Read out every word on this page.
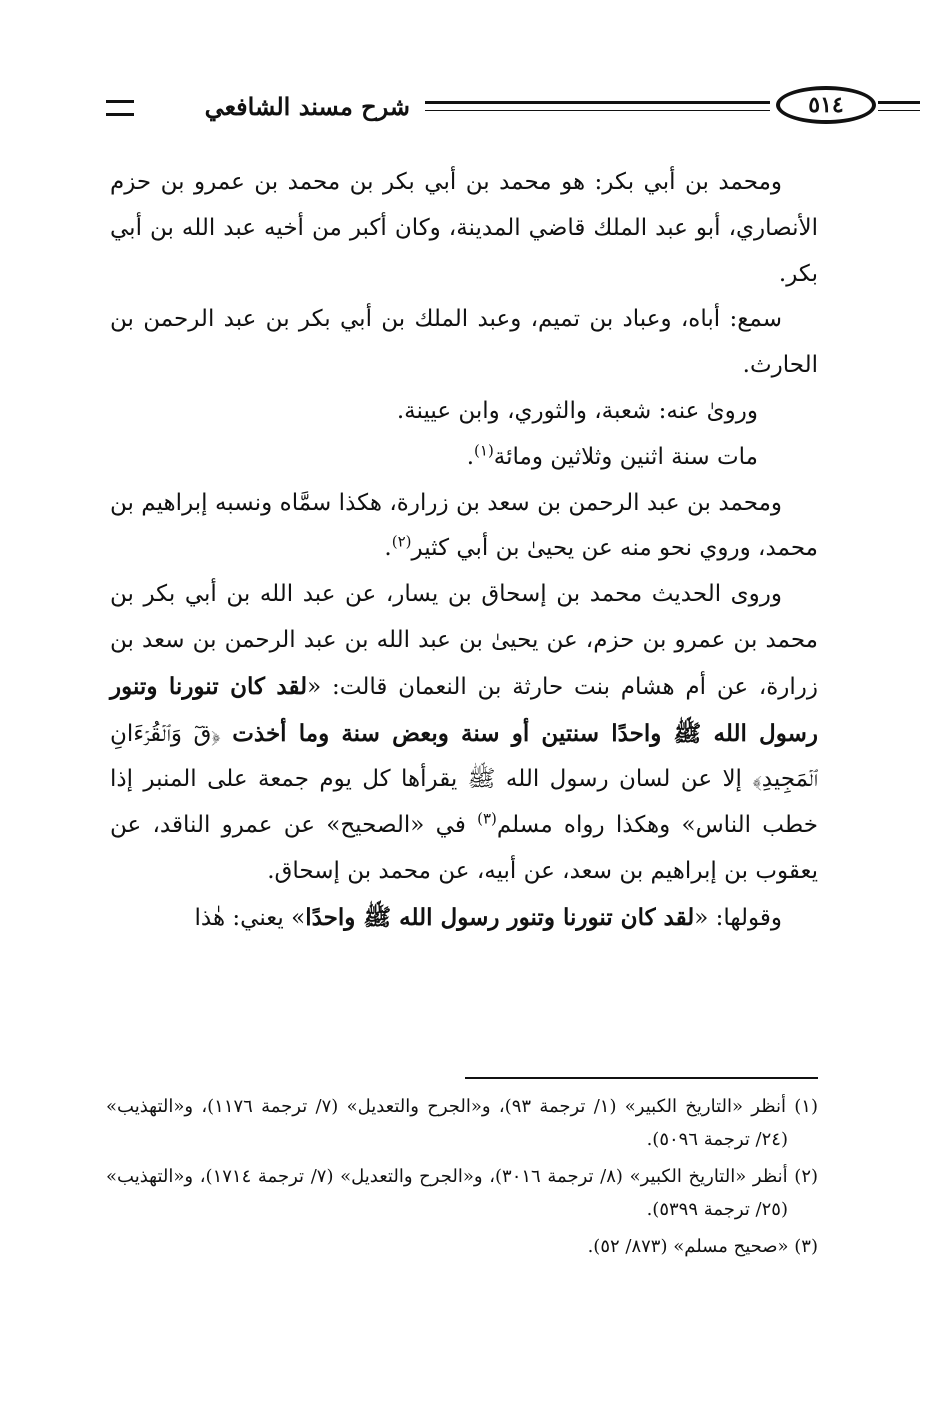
شرح مسند الشافعي	٥١٤

ومحمد بن أبي بكر: هو محمد بن أبي بكر بن محمد بن عمرو بن حزم الأنصاري، أبو عبد الملك قاضي المدينة، وكان أكبر من أخيه عبد الله بن أبي بكر.

سمع: أباه، وعباد بن تميم، وعبد الملك بن أبي بكر بن عبد الرحمن بن الحارث.

وروىٰ عنه: شعبة، والثوري، وابن عيينة.

مات سنة اثنين وثلاثين ومائة$^{(١)}$.

ومحمد بن عبد الرحمن بن سعد بن زرارة، هكذا سمَّاه ونسبه إبراهيم بن محمد، وروي نحو منه عن يحيىٰ بن أبي كثير$^{(٢)}$.

وروى الحديث محمد بن إسحاق بن يسار، عن عبد الله بن أبي بكر بن محمد بن عمرو بن حزم، عن يحيىٰ بن عبد الله بن عبد الرحمن بن سعد بن زرارة، عن أم هشام بنت حارثة بن النعمان قالت: «لقد كان تنورنا وتنور رسول الله ﷺ واحدًا سنتين أو سنة وبعض سنة وما أخذت ﴿قٓ وَٱلۡقُرۡءَانِ ٱلۡمَجِيدِ﴾ إلا عن لسان رسول الله ﷺ يقرأها كل يوم جمعة على المنبر إذا خطب الناس» وهكذا رواه مسلم$^{(٣)}$ في «الصحيح» عن عمرو الناقد، عن يعقوب بن إبراهيم بن سعد، عن أبيه، عن محمد بن إسحاق.

وقولها: «لقد كان تنورنا وتنور رسول الله ﷺ واحدًا» يعني: هٰذا

(١) أنظر «التاريخ الكبير» (١/ ترجمة ٩٣)، و«الجرح والتعديل» (٧/ ترجمة ١١٧٦)، و«التهذيب» (٢٤/ ترجمة ٥٠٩٦).

(٢) أنظر «التاريخ الكبير» (٨/ ترجمة ٣٠١٦)، و«الجرح والتعديل» (٧/ ترجمة ١٧١٤)، و«التهذيب» (٢٥/ ترجمة ٥٣٩٩).

(٣) «صحيح مسلم» (٨٧٣/ ٥٢).
